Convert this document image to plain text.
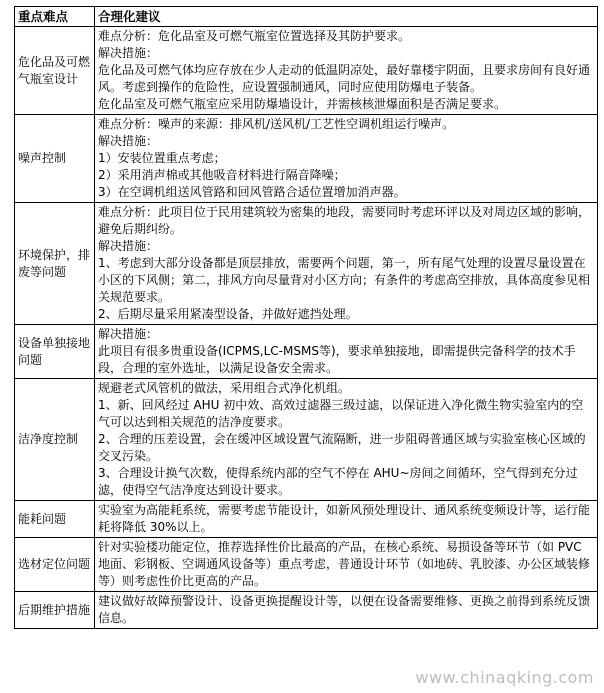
重点难点	合理化建议
危化品及可燃气瓶室设计	难点分析：危化品室及可燃气瓶室位置选择及其防护要求。
解决措施：
危化品及可燃气体均应存放在少人走动的低温阴凉处，最好靠楼宇阴面，且要求房间有良好通风。考虑到操作的危险性，应设置强制通风，同时应使用防爆电子装备。
危化品室及可燃气瓶室应采用防爆墙设计，并需核核泄爆面积是否满足要求。

噪声控制	难点分析：噪声的来源：排风机/送风机/工艺性空调机组运行噪声。
解决措施：
1）安装位置重点考虑；
2）采用消声棉或其他吸音材料进行隔音降噪；
3）在空调机组送风管路和回风管路合适位置增加消声器。

环境保护，排废等问题	难点分析：此项目位于民用建筑较为密集的地段，需要同时考虑环评以及对周边区域的影响，避免后期纠纷。
解决措施：
1、考虑到大部分设备都是顶层排放，需要两个问题，第一，所有尾气处理的设置尽量设置在小区的下风侧；第二，排风方向尽量背对小区方向；有条件的考虑高空排放，具体高度参见相关规范要求。
2、后期尽量采用紧凑型设备，并做好遮挡处理。

设备单独接地问题	解决措施：
此项目有很多贵重设备(ICPMS,LC-MSMS等)，要求单独接地，即需提供完备科学的技术手段，合理的室外选址，以满足设备安全需求。

洁净度控制	规避老式风管机的做法，采用组合式净化机组。
1、新、回风经过 AHU 初中效、高效过滤器三级过滤，以保证进入净化微生物实验室内的空气可以达到相关规范的洁净度要求。
2、合理的压差设置，会在缓冲区域设置气流隔断，进一步阻碍普通区域与实验室核心区域的交叉污染。
3、合理设计换气次数，使得系统内部的空气不停在 AHU~房间之间循环，空气得到充分过滤，使得空气洁净度达到设计要求。

能耗问题	实验室为高能耗系统，需要考虑节能设计，如新风预处理设计、通风系统变频设计等，运行能耗将降低 30%以上。

选材定位问题	针对实验楼功能定位，推荐选择性价比最高的产品，在核心系统、易损设备等环节（如 PVC 地面、彩钢板、空调通风设备等）重点考虑，普通设计环节（如地砖、乳胶漆、办公区域装修等）则考虑性价比更高的产品。

后期维护措施	建议做好故障预警设计、设备更换提醒设计等，以便在设备需要维修、更换之前得到系统反馈信息。
www.chinaqking.com
